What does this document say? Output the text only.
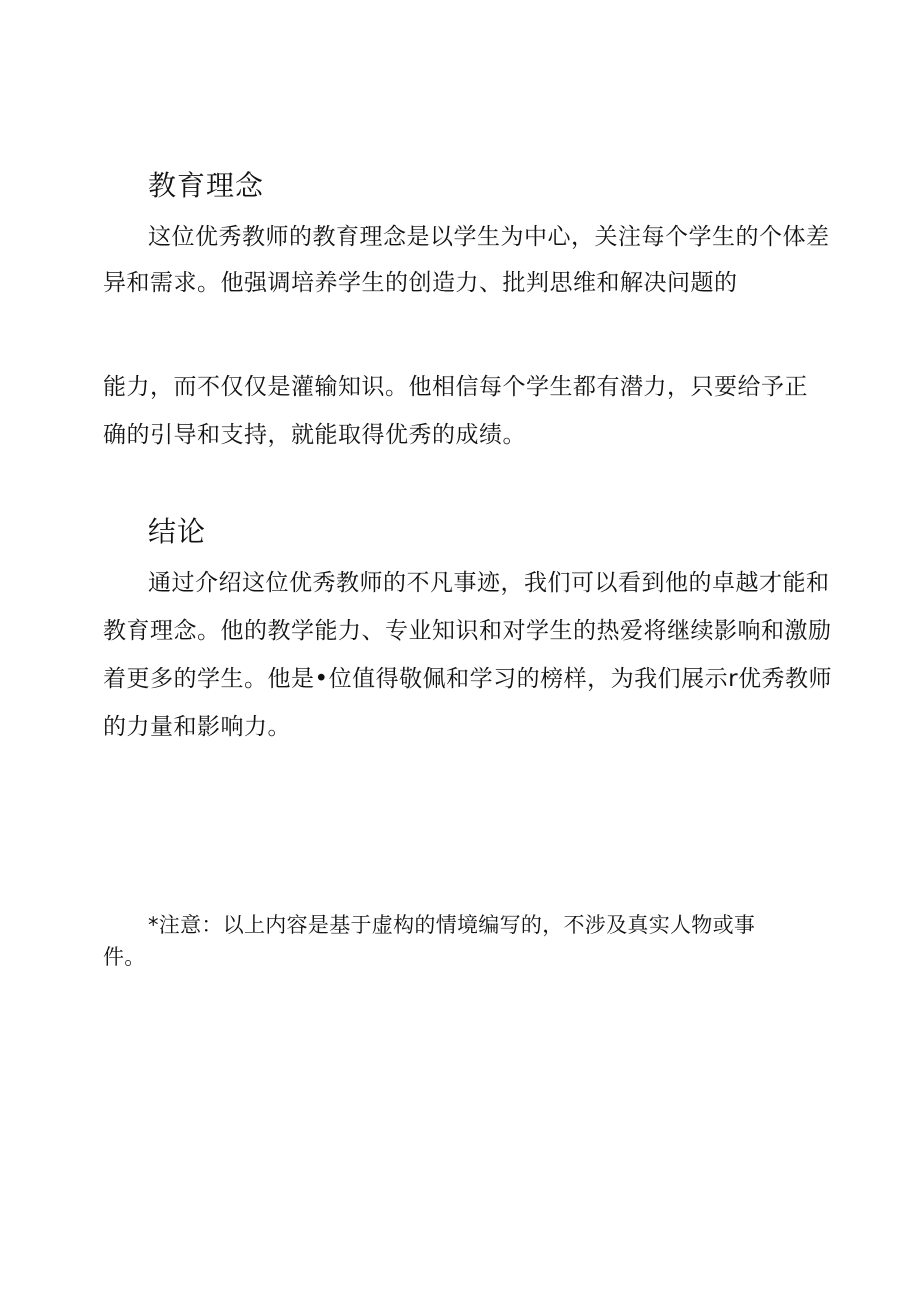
教育理念

这位优秀教师的教育理念是以学生为中心，关注每个学生的个体差

异和需求。他强调培养学生的创造力、批判思维和解决问题的

能力，而不仅仅是灌输知识。他相信每个学生都有潜力，只要给予正

确的引导和支持，就能取得优秀的成绩。

结论

通过介绍这位优秀教师的不凡事迹，我们可以看到他的卓越才能和

教育理念。他的教学能力、专业知识和对学生的热爱将继续影响和激励

着更多的学生。他是•位值得敬佩和学习的榜样，为我们展示r优秀教师

的力量和影响力。

*注意：以上内容是基于虚构的情境编写的，不涉及真实人物或事

件。
